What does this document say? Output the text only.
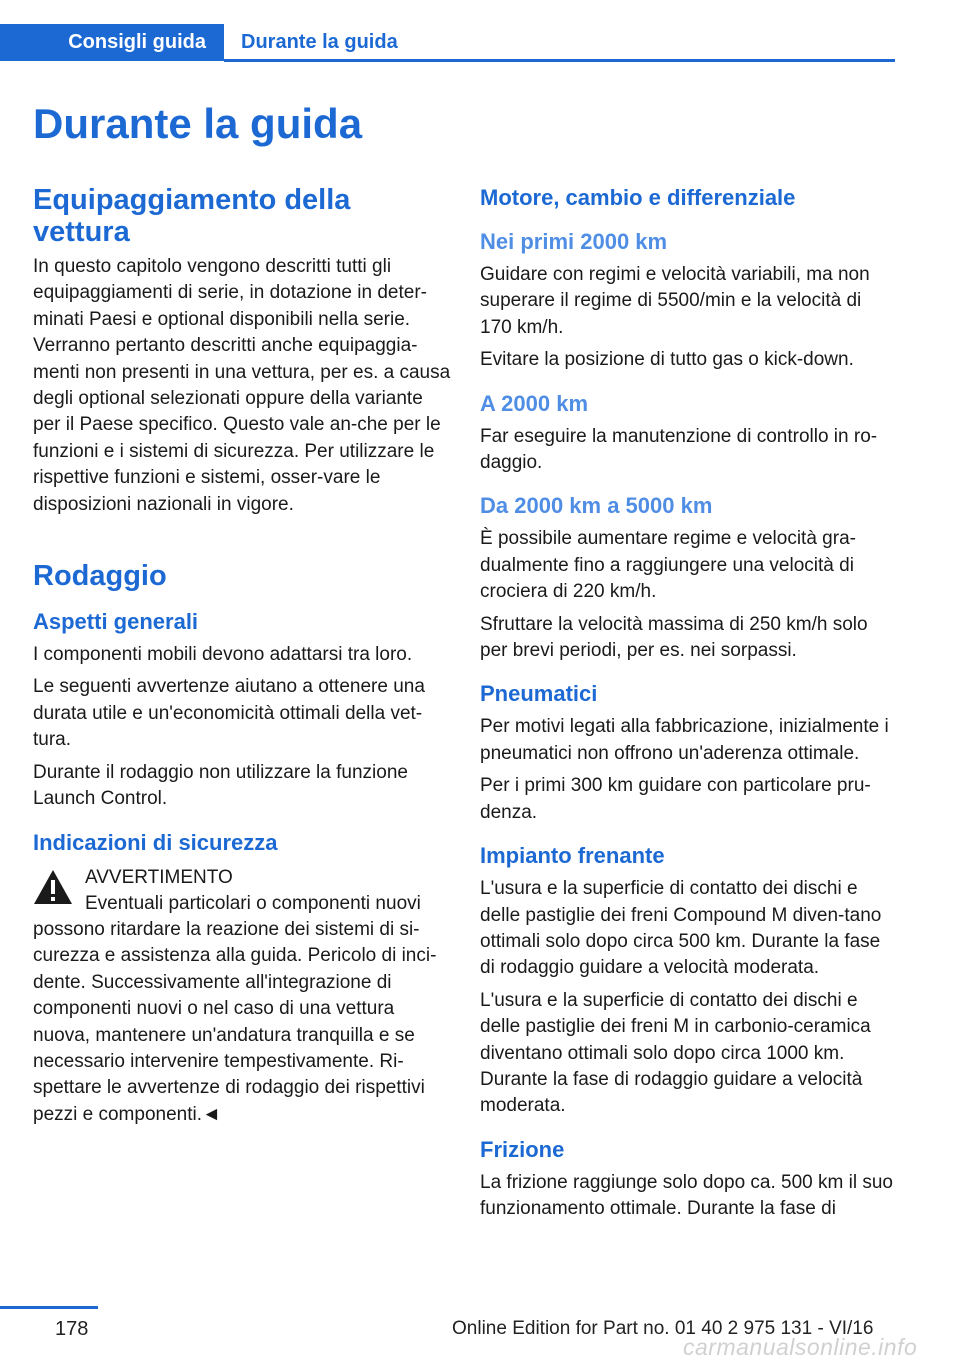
Consigli guida	Durante la guida
Durante la guida
Equipaggiamento della vettura

In questo capitolo vengono descritti tutti gli equipaggiamenti di serie, in dotazione in deter-minati Paesi e optional disponibili nella serie. Verranno pertanto descritti anche equipaggia-menti non presenti in una vettura, per es. a causa degli optional selezionati oppure della variante per il Paese specifico. Questo vale an-che per le funzioni e i sistemi di sicurezza. Per utilizzare le rispettive funzioni e sistemi, osser-vare le disposizioni nazionali in vigore.

Rodaggio
Aspetti generali

I componenti mobili devono adattarsi tra loro.

Le seguenti avvertenze aiutano a ottenere una durata utile e un'economicità ottimali della vet-tura.

Durante il rodaggio non utilizzare la funzione Launch Control.

Indicazioni di sicurezza
AVVERTIMENTO

Eventuali particolari o componenti nuovi

possono ritardare la reazione dei sistemi di si-curezza e assistenza alla guida. Pericolo di inci-dente. Successivamente all'integrazione di componenti nuovi o nel caso di una vettura nuova, mantenere un'andatura tranquilla e se necessario intervenire tempestivamente. Ri-spettare le avvertenze di rodaggio dei rispettivi pezzi e componenti.◄

Motore, cambio e differenziale
Nei primi 2000 km

Guidare con regimi e velocità variabili, ma non superare il regime di 5500/min e la velocità di 170 km/h.

Evitare la posizione di tutto gas o kick-down.

A 2000 km

Far eseguire la manutenzione di controllo in ro-daggio.

Da 2000 km a 5000 km

È possibile aumentare regime e velocità gra-dualmente fino a raggiungere una velocità di crociera di 220 km/h.

Sfruttare la velocità massima di 250 km/h solo per brevi periodi, per es. nei sorpassi.

Pneumatici

Per motivi legati alla fabbricazione, inizialmente i pneumatici non offrono un'aderenza ottimale.

Per i primi 300 km guidare con particolare pru-denza.

Impianto frenante

L'usura e la superficie di contatto dei dischi e delle pastiglie dei freni Compound M diven-tano ottimali solo dopo circa 500 km. Durante la fase di rodaggio guidare a velocità moderata.

L'usura e la superficie di contatto dei dischi e delle pastiglie dei freni M in carbonio-ceramica diventano ottimali solo dopo circa 1000 km. Durante la fase di rodaggio guidare a velocità moderata.

Frizione

La frizione raggiunge solo dopo ca. 500 km il suo funzionamento ottimale. Durante la fase di

178	Online Edition for Part no. 01 40 2 975 131 - VI/16
carmanualsonline.info
